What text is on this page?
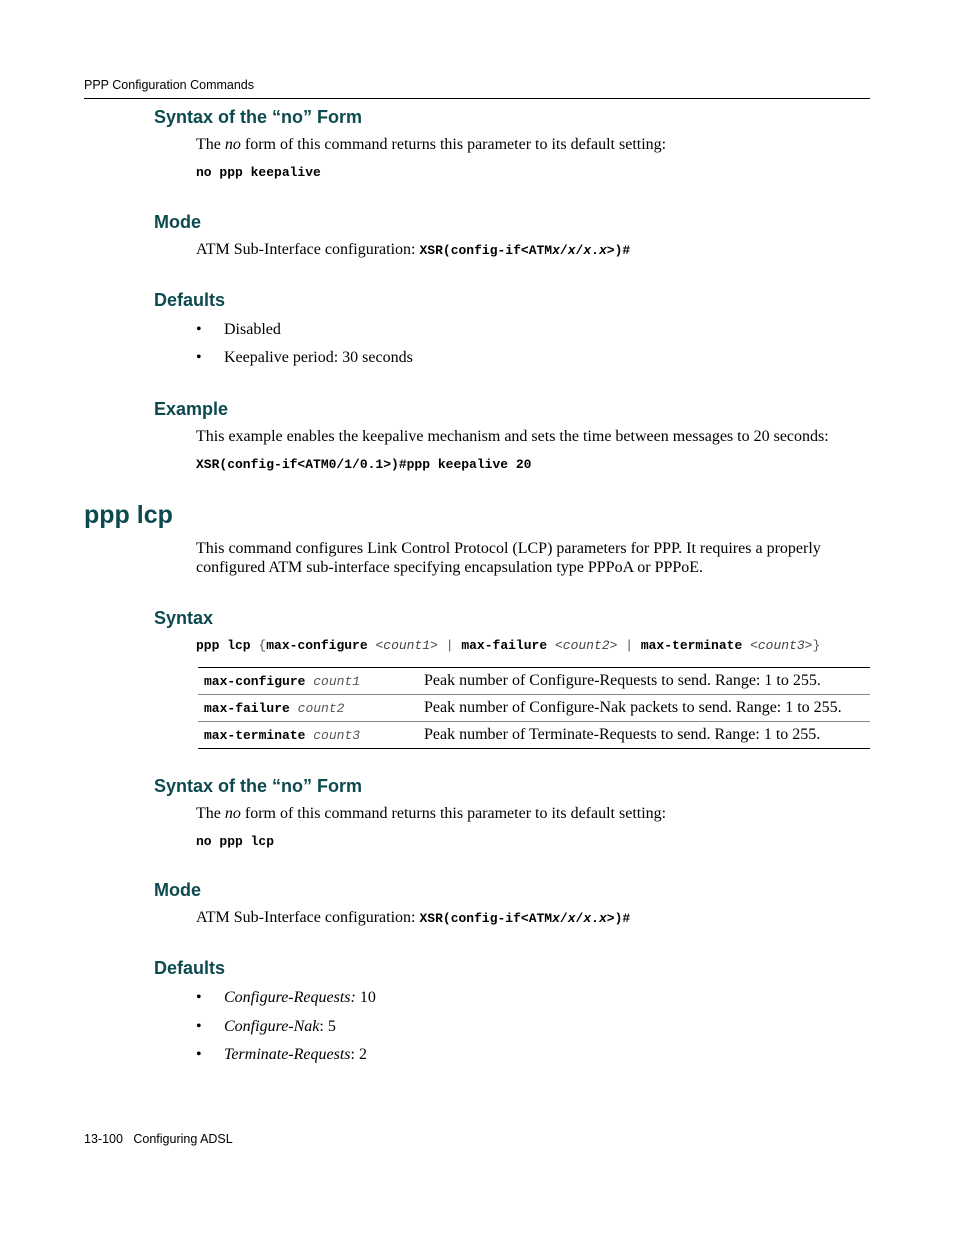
PPP Configuration Commands
Syntax of the “no” Form
The no form of this command returns this parameter to its default setting:
no ppp keepalive
Mode
ATM Sub-Interface configuration: XSR(config-if<ATMx/x/x.x>)#
Defaults
• Disabled
• Keepalive period: 30 seconds
Example
This example enables the keepalive mechanism and sets the time between messages to 20 seconds:
XSR(config-if<ATM0/1/0.1>)#ppp keepalive 20
ppp lcp
This command configures Link Control Protocol (LCP) parameters for PPP. It requires a properly
configured ATM sub-interface specifying encapsulation type PPPoA or PPPoE.
Syntax
ppp lcp {max-configure <count1> | max-failure <count2> | max-terminate <count3>}
max-configure count1	Peak number of Configure-Requests to send. Range: 1 to 255.
max-failure count2	Peak number of Configure-Nak packets to send. Range: 1 to 255.
max-terminate count3	Peak number of Terminate-Requests to send. Range: 1 to 255.
Syntax of the “no” Form
The no form of this command returns this parameter to its default setting:
no ppp lcp
Mode
ATM Sub-Interface configuration: XSR(config-if<ATMx/x/x.x>)#
Defaults
• Configure-Requests: 10
• Configure-Nak: 5
• Terminate-Requests: 2
13-100 Configuring ADSL
